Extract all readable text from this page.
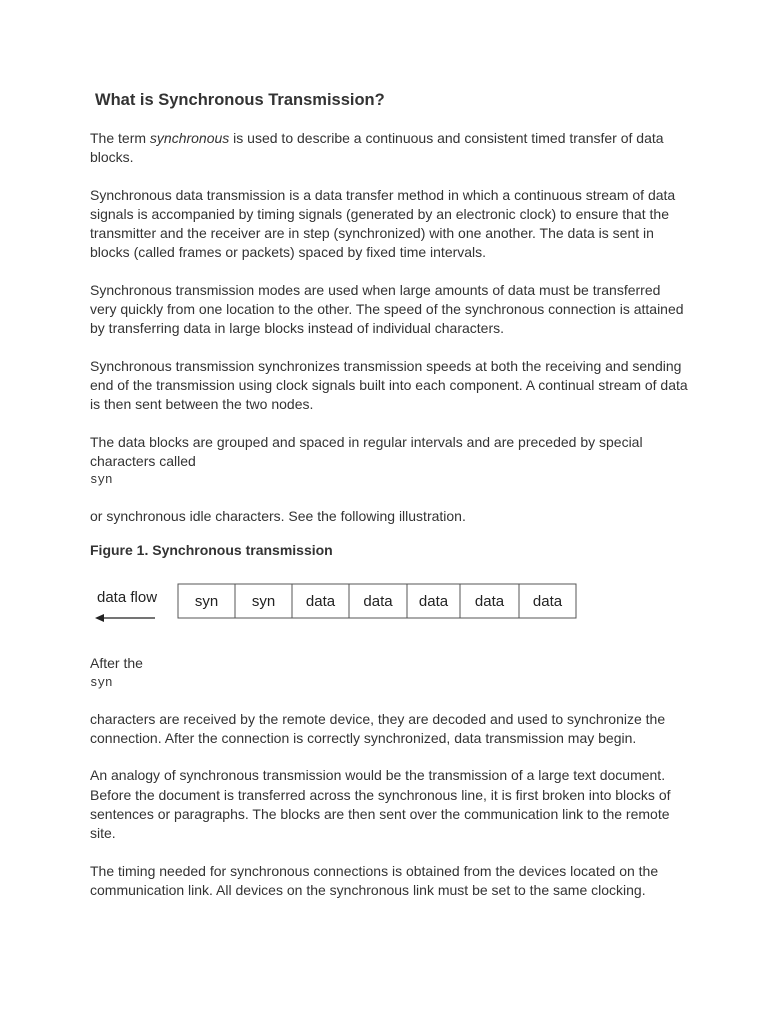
What is Synchronous Transmission?

The term synchronous is used to describe a continuous and consistent timed transfer of data blocks.

Synchronous data transmission is a data transfer method in which a continuous stream of data signals is accompanied by timing signals (generated by an electronic clock) to ensure that the transmitter and the receiver are in step (synchronized) with one another. The data is sent in blocks (called frames or packets) spaced by fixed time intervals.

Synchronous transmission modes are used when large amounts of data must be transferred very quickly from one location to the other. The speed of the synchronous connection is attained by transferring data in large blocks instead of individual characters.

Synchronous transmission synchronizes transmission speeds at both the receiving and sending end of the transmission using clock signals built into each component. A continual stream of data is then sent between the two nodes.

The data blocks are grouped and spaced in regular intervals and are preceded by special characters called
syn

or synchronous idle characters. See the following illustration.

Figure 1. Synchronous transmission

data flow	syn syn data data data data data

After the
syn

characters are received by the remote device, they are decoded and used to synchronize the connection. After the connection is correctly synchronized, data transmission may begin.

An analogy of synchronous transmission would be the transmission of a large text document. Before the document is transferred across the synchronous line, it is first broken into blocks of sentences or paragraphs. The blocks are then sent over the communication link to the remote site.

The timing needed for synchronous connections is obtained from the devices located on the communication link. All devices on the synchronous link must be set to the same clocking.
